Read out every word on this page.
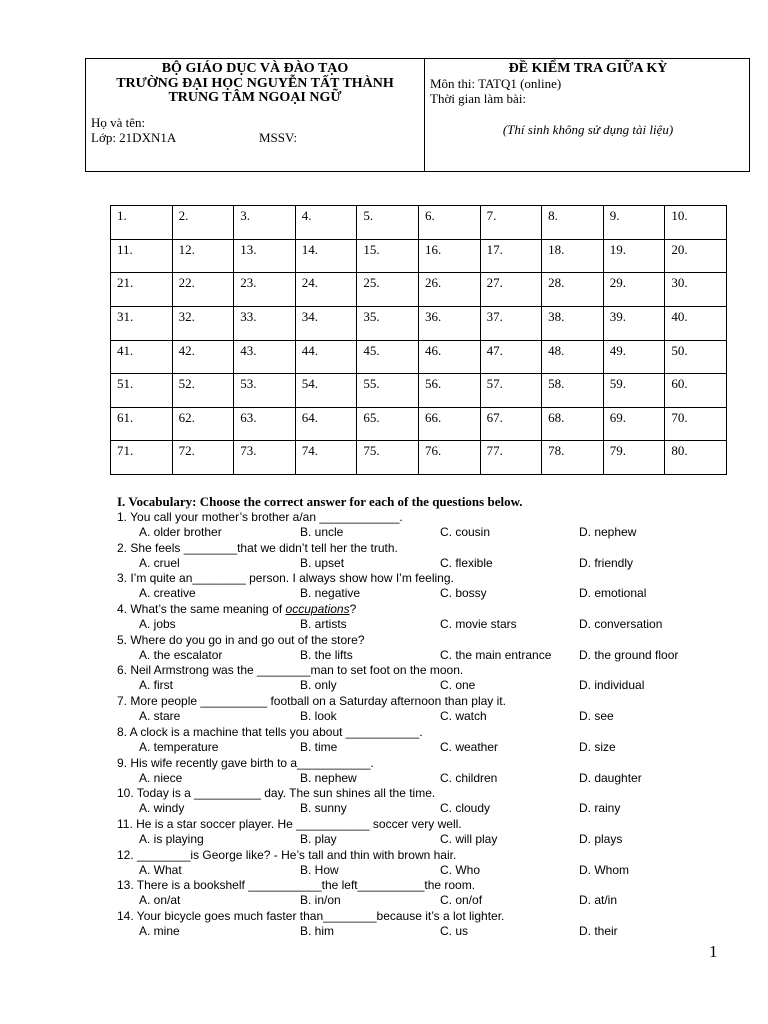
BỘ GIÁO DỤC VÀ ĐÀO TẠO
TRƯỜNG ĐẠI HỌC NGUYỄN TẤT THÀNH
TRUNG TÂM NGOẠI NGỮ
Họ và tên:
Lớp: 21DXN1A	MSSV:
ĐỀ KIỂM TRA GIỮA KỲ
Môn thi: TATQ1 (online)
Thời gian làm bài:
(Thí sinh không sử dụng tài liệu)
1.	2.	3.	4.	5.	6.	7.	8.	9.	10.
11.	12.	13.	14.	15.	16.	17.	18.	19.	20.
21.	22.	23.	24.	25.	26.	27.	28.	29.	30.
31.	32.	33.	34.	35.	36.	37.	38.	39.	40.
41.	42.	43.	44.	45.	46.	47.	48.	49.	50.
51.	52.	53.	54.	55.	56.	57.	58.	59.	60.
61.	62.	63.	64.	65.	66.	67.	68.	69.	70.
71.	72.	73.	74.	75.	76.	77.	78.	79.	80.
I. Vocabulary: Choose the correct answer for each of the questions below.
1. You call your mother’s brother a/an ____________.
A. older brother	B. uncle	C. cousin	D. nephew
2. She feels ________that we didn’t tell her the truth.
A. cruel	B. upset	C. flexible	D. friendly
3. I’m quite an________ person. I always show how I’m feeling.
A. creative	B. negative	C. bossy	D. emotional
4. What’s the same meaning of occupations?
A. jobs	B. artists	C. movie stars	D. conversation
5. Where do you go in and go out of the store?
A. the escalator	B. the lifts	C. the main entrance D. the ground floor
6. Neil Armstrong was the ________man to set foot on the moon.
A. first	B. only	C. one	D. individual
7. More people __________ football on a Saturday afternoon than play it.
A. stare	B. look	C. watch	D. see
8. A clock is a machine that tells you about ___________.
A. temperature	B. time	C. weather	D. size
9. His wife recently gave birth to a___________.
A. niece	B. nephew	C. children	D. daughter
10. Today is a __________ day. The sun shines all the time.
A. windy	B. sunny	C. cloudy	D. rainy
11. He is a star soccer player. He ___________ soccer very well.
A. is playing	B. play	C. will play	D. plays
12. ________is George like? - He’s tall and thin with brown hair.
A. What	B. How	C. Who	D. Whom
13. There is a bookshelf ___________the left__________the room.
A. on/at	B. in/on	C. on/of	D. at/in
14. Your bicycle goes much faster than________because it’s a lot lighter.
A. mine	B. him	C. us	D. their
1
